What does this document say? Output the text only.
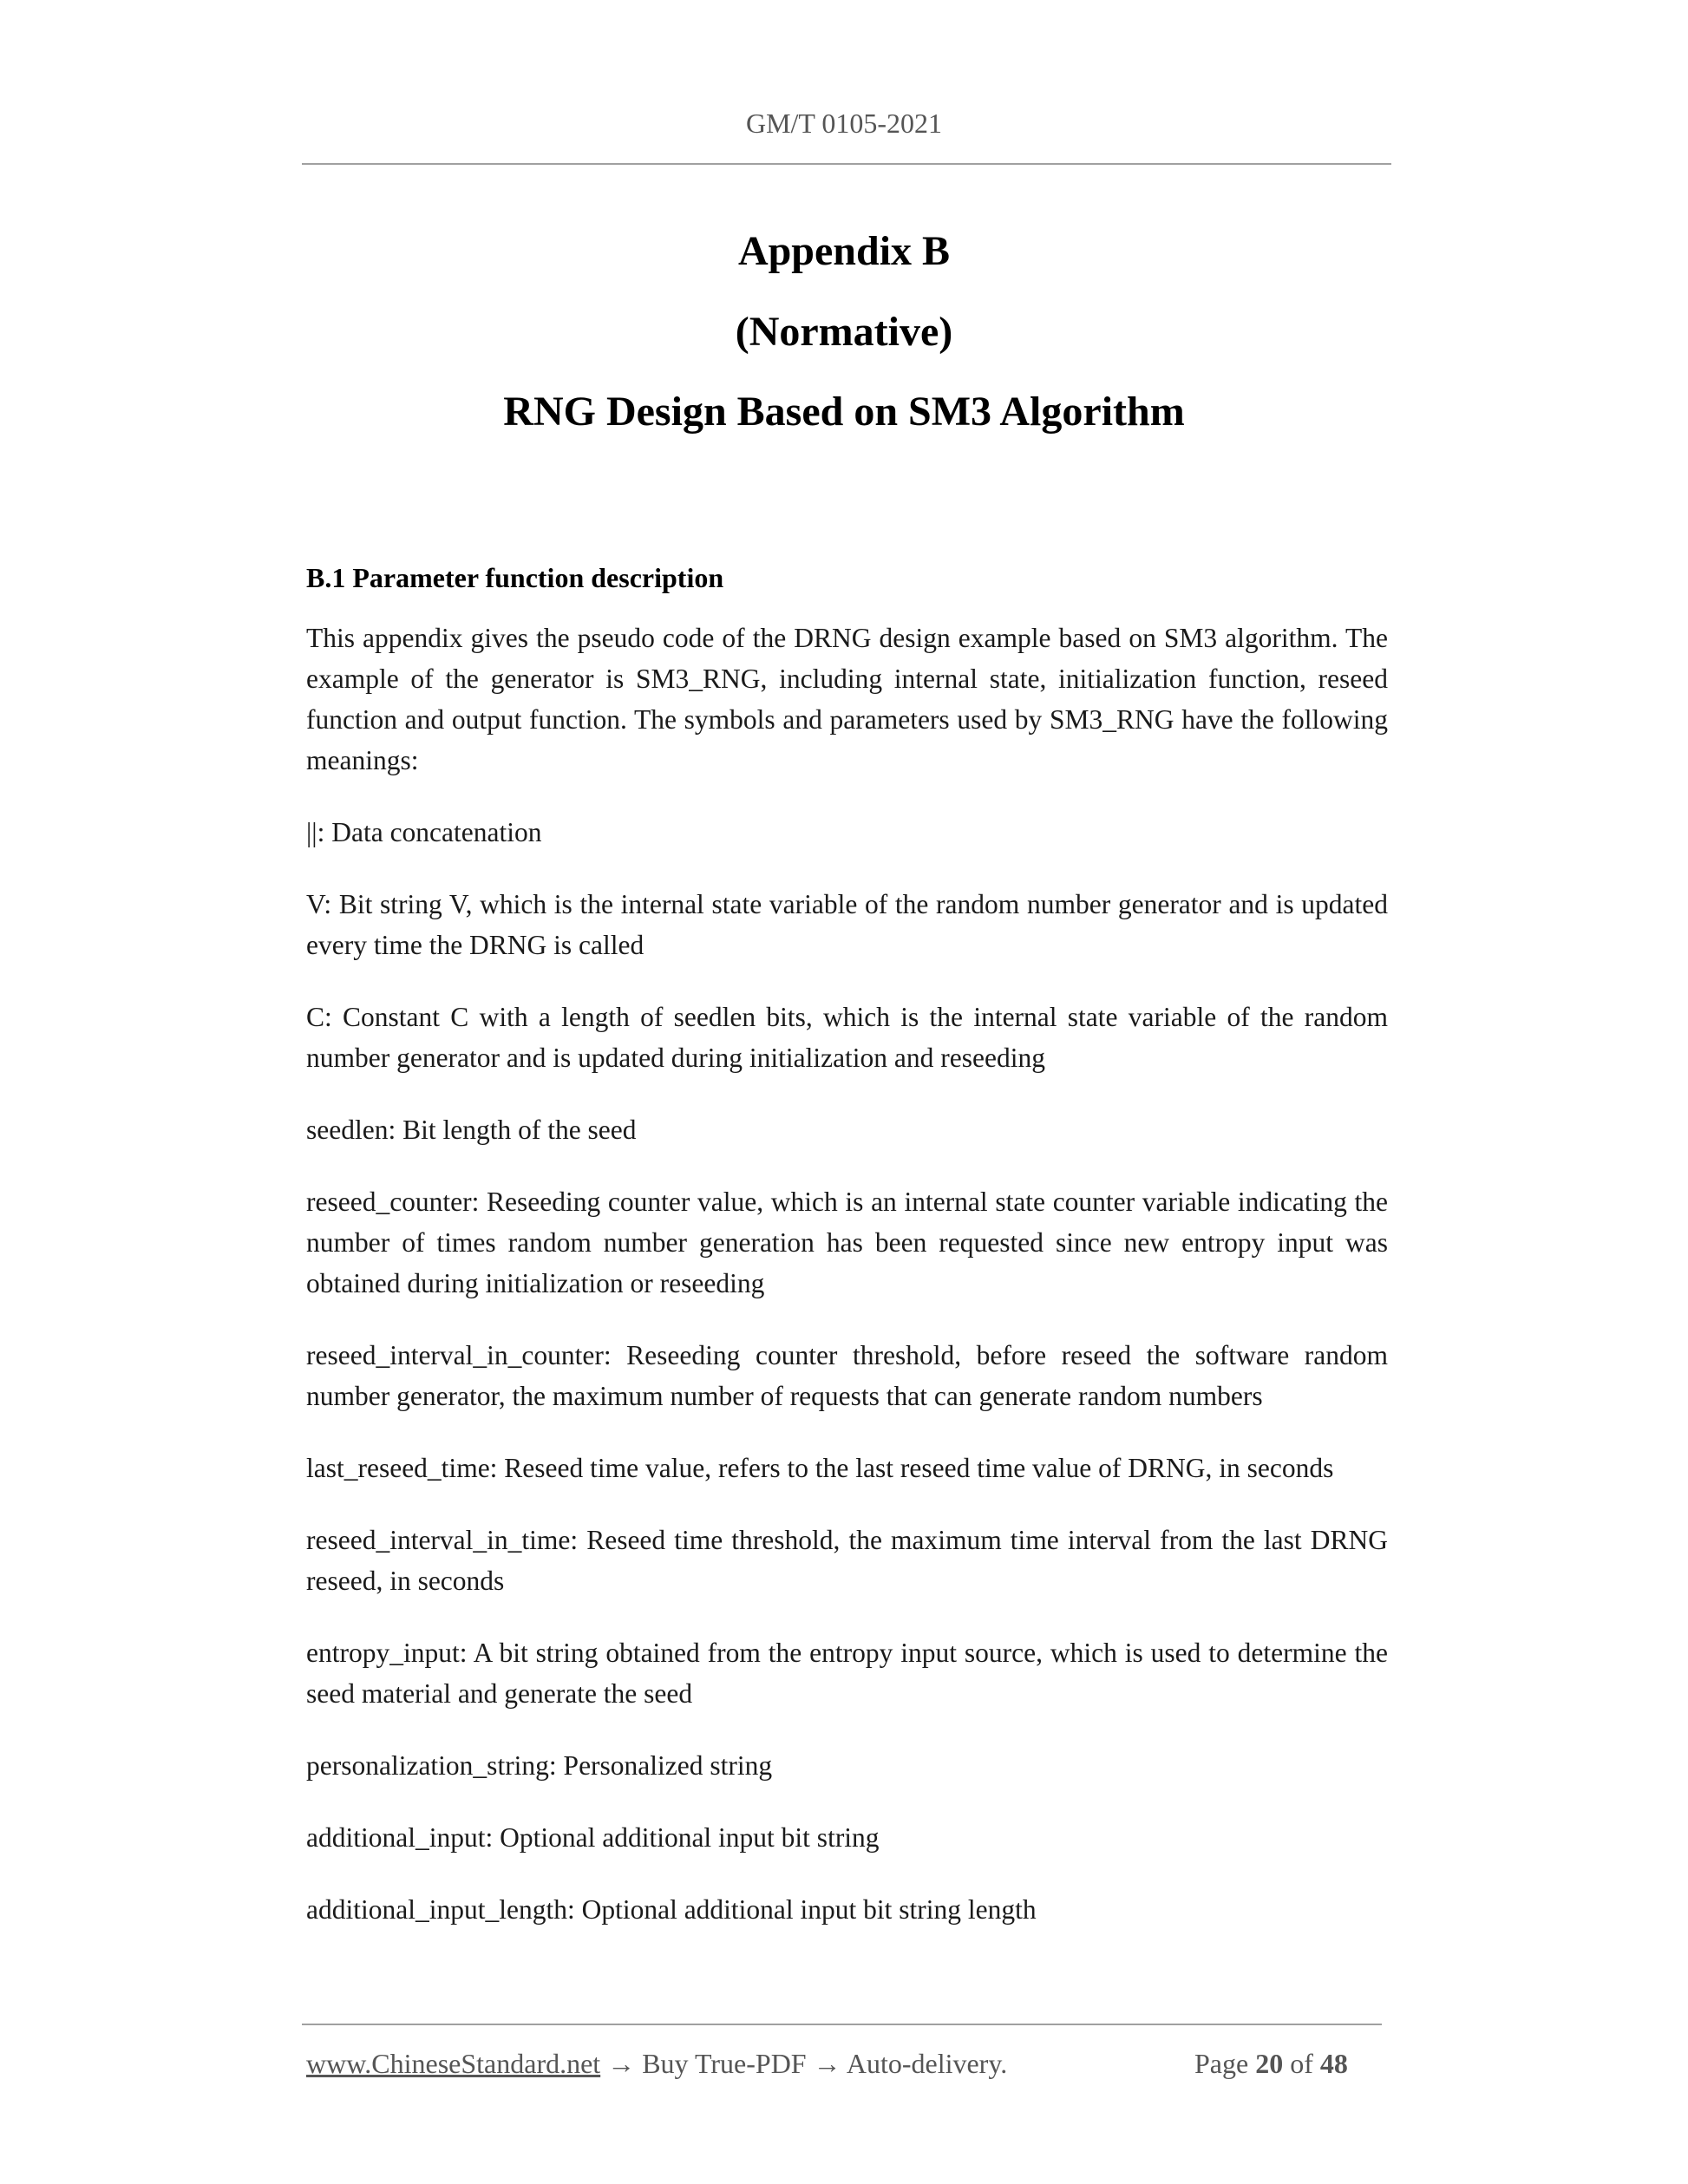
GM/T 0105-2021
Appendix B
(Normative)
RNG Design Based on SM3 Algorithm
B.1 Parameter function description

This appendix gives the pseudo code of the DRNG design example based on SM3 algorithm. The example of the generator is SM3_RNG, including internal state, initialization function, reseed function and output function. The symbols and parameters used by SM3_RNG have the following meanings:

||: Data concatenation

V: Bit string V, which is the internal state variable of the random number generator and is updated every time the DRNG is called

C: Constant C with a length of seedlen bits, which is the internal state variable of the random number generator and is updated during initialization and reseeding

seedlen: Bit length of the seed

reseed_counter: Reseeding counter value, which is an internal state counter variable indicating the number of times random number generation has been requested since new entropy input was obtained during initialization or reseeding

reseed_interval_in_counter: Reseeding counter threshold, before reseed the software random number generator, the maximum number of requests that can generate random numbers

last_reseed_time: Reseed time value, refers to the last reseed time value of DRNG, in seconds

reseed_interval_in_time: Reseed time threshold, the maximum time interval from the last DRNG reseed, in seconds

entropy_input: A bit string obtained from the entropy input source, which is used to determine the seed material and generate the seed

personalization_string: Personalized string

additional_input: Optional additional input bit string

additional_input_length: Optional additional input bit string length

www.ChineseStandard.net → Buy True-PDF → Auto-delivery.	Page 20 of 48
